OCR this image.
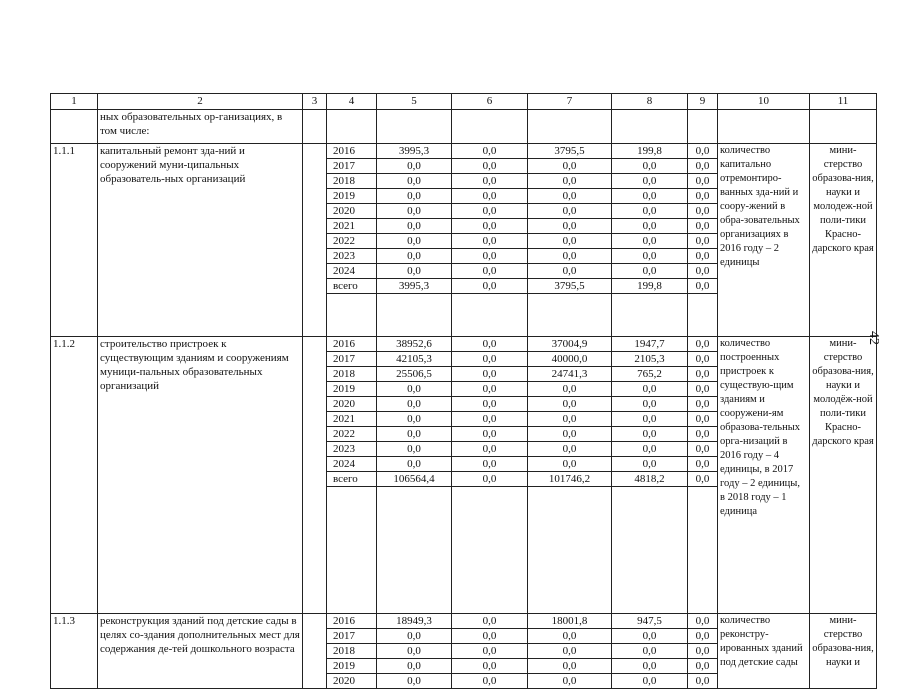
1	2	3	4	5	6	7	8	9	10	11
	ных образовательных ор-ганизациях, в том числе:									
1.1.1	капитальный ремонт зда-ний и сооружений муни-ципальных образователь-ных организаций		2016	3995,3	0,0	3795,5	199,8	0,0	количество капитально отремонтиро-ванных зда-ний и соору-жений в обра-зовательных организациях в 2016 году – 2 единицы	мини-стерство образова-ния, науки и молодеж-ной поли-тики Красно-дарского края
			2017	0,0	0,0	0,0	0,0	0,0		
			2018	0,0	0,0	0,0	0,0	0,0		
			2019	0,0	0,0	0,0	0,0	0,0		
			2020	0,0	0,0	0,0	0,0	0,0		
			2021	0,0	0,0	0,0	0,0	0,0		
			2022	0,0	0,0	0,0	0,0	0,0		
			2023	0,0	0,0	0,0	0,0	0,0		
			2024	0,0	0,0	0,0	0,0	0,0		
			всего	3995,3	0,0	3795,5	199,8	0,0		

1.1.2	строительство пристроек к существующим зданиям и сооружениям муници-пальных образовательных организаций		2016	38952,6	0,0	37004,9	1947,7	0,0	количество построенных пристроек к существую-щим зданиям и сооружени-ям образова-тельных орга-низаций в 2016 году – 4 единицы, в 2017 году – 2 единицы, в 2018 году – 1 единица	мини-стерство образова-ния, науки и молодёж-ной поли-тики Красно-дарского края
			2017	42105,3	0,0	40000,0	2105,3	0,0		
			2018	25506,5	0,0	24741,3	765,2	0,0		
			2019	0,0	0,0	0,0	0,0	0,0		
			2020	0,0	0,0	0,0	0,0	0,0		
			2021	0,0	0,0	0,0	0,0	0,0		
			2022	0,0	0,0	0,0	0,0	0,0		
			2023	0,0	0,0	0,0	0,0	0,0		
			2024	0,0	0,0	0,0	0,0	0,0		
			всего	106564,4	0,0	101746,2	4818,2	0,0		

1.1.3	реконструкция зданий под детские сады в целях со-здания дополнительных мест для содержания де-тей дошкольного возраста		2016	18949,3	0,0	18001,8	947,5	0,0	количество реконстру-ированных зданий под детские сады	мини-стерство образова-ния, науки и
			2017	0,0	0,0	0,0	0,0	0,0		
			2018	0,0	0,0	0,0	0,0	0,0		
			2019	0,0	0,0	0,0	0,0	0,0		
			2020	0,0	0,0	0,0	0,0	0,0		
42
